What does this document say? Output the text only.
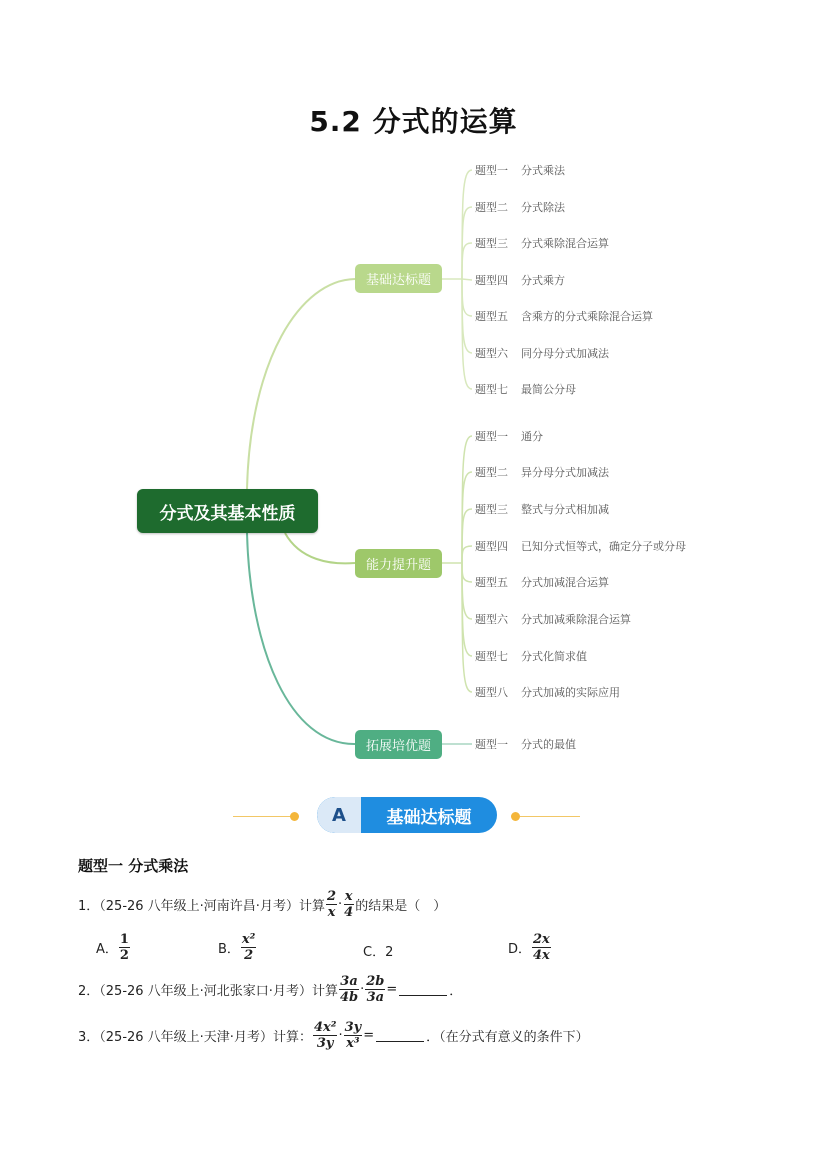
5.2 分式的运算
分式及其基本性质
基础达标题
能力提升题
拓展培优题
题型一	分式乘法
题型二	分式除法
题型三	分式乘除混合运算
题型四	分式乘方
题型五	含乘方的分式乘除混合运算
题型六	同分母分式加减法
题型七	最简公分母
题型一	通分
题型二	异分母分式加减法
题型三	整式与分式相加减
题型四	已知分式恒等式，确定分子或分母
题型五	分式加减混合运算
题型六	分式加减乘除混合运算
题型七	分式化简求值
题型八	分式加减的实际应用
题型一	分式的最值
A	基础达标题
题型一 分式乘法
1．（25-26 八年级上·河南许昌·月考）计算 $\frac{2}{x} \cdot \frac{x}{4}$ 的结果是（　）
A． $\frac{1}{2}$	B． $\frac{\text{x²}}{2}$	C．2	D． $\frac{2x}{4x}$
2．（25-26 八年级上·河北张家口·月考）计算 $\frac{3a}{4b} \cdot \frac{2b}{3a}$ =	．
3．（25-26 八年级上·天津·月考）计算： $\frac{\text{4x²}}{3y} \cdot \frac{3y}{\text{x³}}$ =	．（在分式有意义的条件下）
